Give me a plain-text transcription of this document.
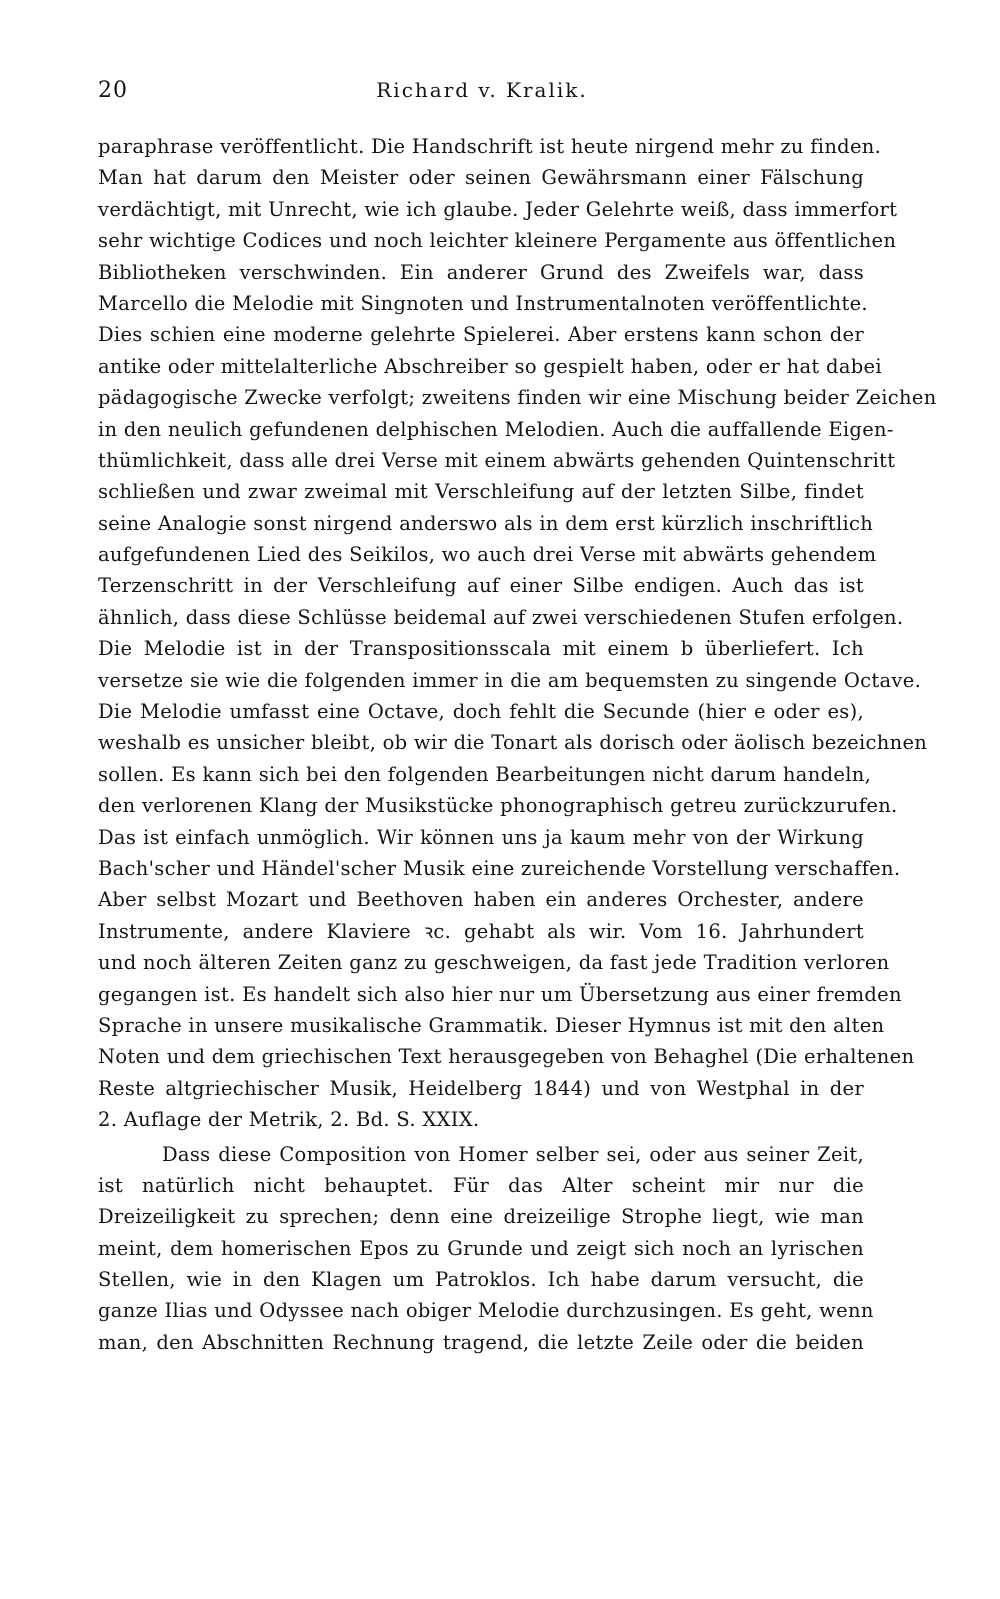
20	Richard v. Kralik.
paraphrase veröffentlicht. Die Handschrift ist heute nirgend mehr zu finden.
Man hat darum den Meister oder seinen Gewährsmann einer Fälschung
verdächtigt, mit Unrecht, wie ich glaube. Jeder Gelehrte weiß, dass immerfort
sehr wichtige Codices und noch leichter kleinere Pergamente aus öffentlichen
Bibliotheken verschwinden. Ein anderer Grund des Zweifels war, dass
Marcello die Melodie mit Singnoten und Instrumentalnoten veröffentlichte.
Dies schien eine moderne gelehrte Spielerei. Aber erstens kann schon der
antike oder mittelalterliche Abschreiber so gespielt haben, oder er hat dabei
pädagogische Zwecke verfolgt; zweitens finden wir eine Mischung beider Zeichen
in den neulich gefundenen delphischen Melodien. Auch die auffallende Eigen-
thümlichkeit, dass alle drei Verse mit einem abwärts gehenden Quintenschritt
schließen und zwar zweimal mit Verschleifung auf der letzten Silbe, findet
seine Analogie sonst nirgend anderswo als in dem erst kürzlich inschriftlich
aufgefundenen Lied des Seikilos, wo auch drei Verse mit abwärts gehendem
Terzenschritt in der Verschleifung auf einer Silbe endigen. Auch das ist
ähnlich, dass diese Schlüsse beidemal auf zwei verschiedenen Stufen erfolgen.
Die Melodie ist in der Transpositionsscala mit einem b überliefert. Ich
versetze sie wie die folgenden immer in die am bequemsten zu singende Octave.
Die Melodie umfasst eine Octave, doch fehlt die Secunde (hier e oder es),
weshalb es unsicher bleibt, ob wir die Tonart als dorisch oder äolisch bezeichnen
sollen. Es kann sich bei den folgenden Bearbeitungen nicht darum handeln,
den verlorenen Klang der Musikstücke phonographisch getreu zurückzurufen.
Das ist einfach unmöglich. Wir können uns ja kaum mehr von der Wirkung
Bach'scher und Händel'scher Musik eine zureichende Vorstellung verschaffen.
Aber selbst Mozart und Beethoven haben ein anderes Orchester, andere
Instrumente, andere Klaviere ꝛc. gehabt als wir. Vom 16. Jahrhundert
und noch älteren Zeiten ganz zu geschweigen, da fast jede Tradition verloren
gegangen ist. Es handelt sich also hier nur um Übersetzung aus einer fremden
Sprache in unsere musikalische Grammatik. Dieser Hymnus ist mit den alten
Noten und dem griechischen Text herausgegeben von Behaghel (Die erhaltenen
Reste altgriechischer Musik, Heidelberg 1844) und von Westphal in der
2. Auflage der Metrik, 2. Bd. S. XXIX.
Dass diese Composition von Homer selber sei, oder aus seiner Zeit,
ist natürlich nicht behauptet. Für das Alter scheint mir nur die
Dreizeiligkeit zu sprechen; denn eine dreizeilige Strophe liegt, wie man
meint, dem homerischen Epos zu Grunde und zeigt sich noch an lyrischen
Stellen, wie in den Klagen um Patroklos. Ich habe darum versucht, die
ganze Ilias und Odyssee nach obiger Melodie durchzusingen. Es geht, wenn
man, den Abschnitten Rechnung tragend, die letzte Zeile oder die beiden
